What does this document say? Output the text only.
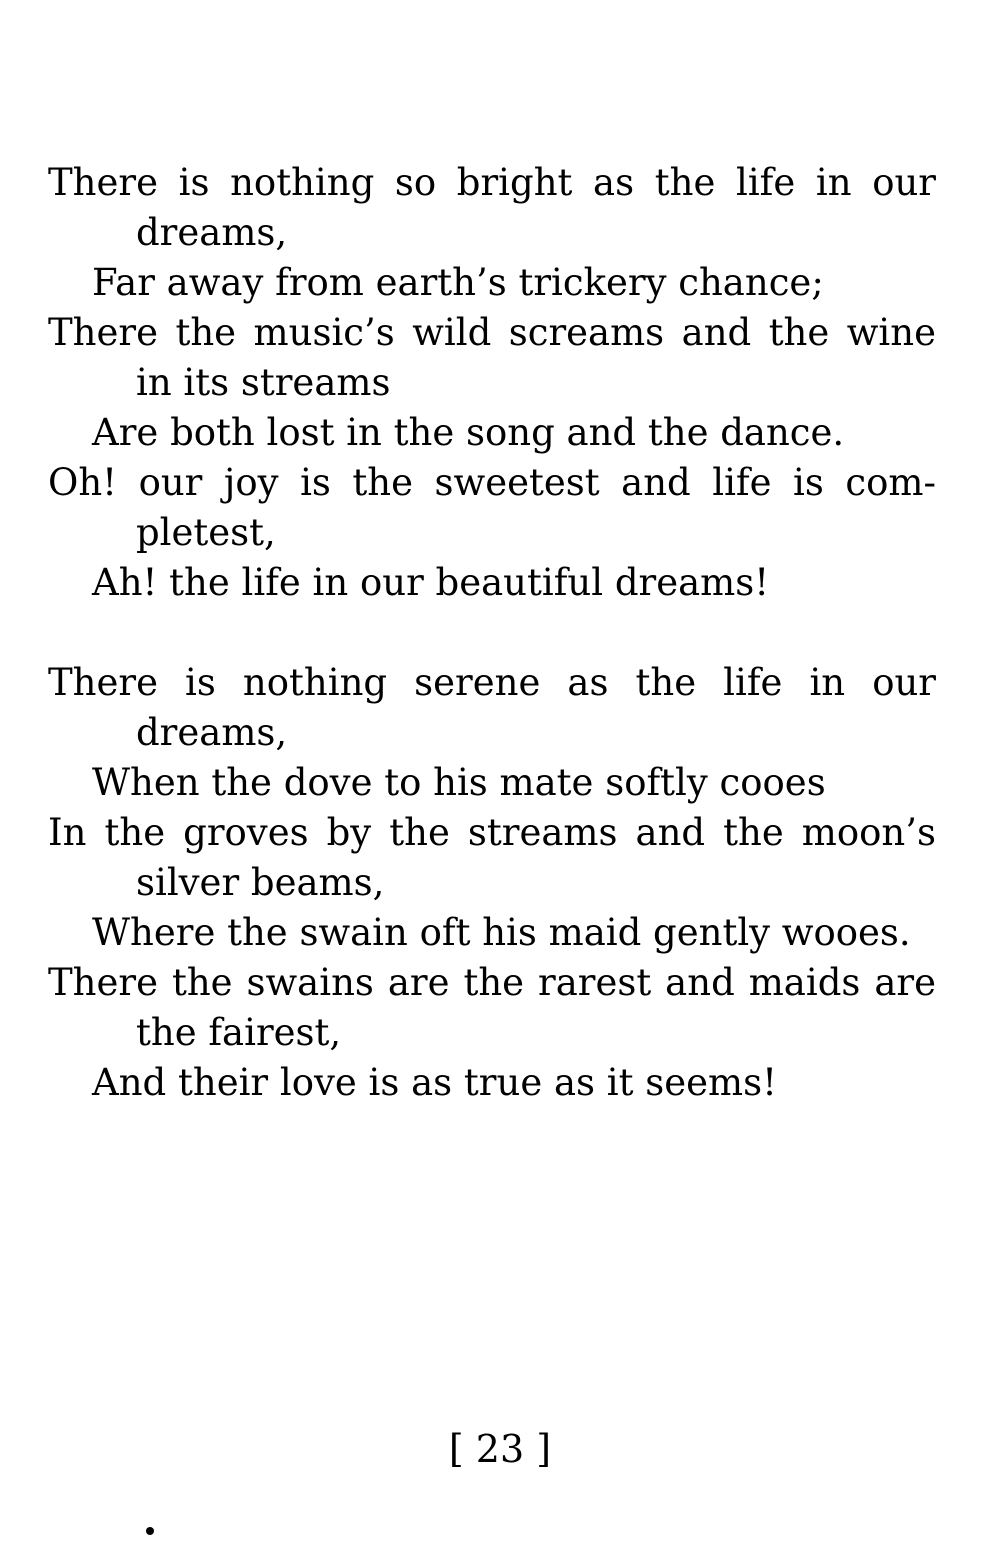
There is nothing so bright as the life in our
dreams,
Far away from earth’s trickery chance;
There the music’s wild screams and the wine
in its streams
Are both lost in the song and the dance.
Oh! our joy is the sweetest and life is com-
pletest,
Ah! the life in our beautiful dreams!
There is nothing serene as the life in our
dreams,
When the dove to his mate softly cooes
In the groves by the streams and the moon’s
silver beams,
Where the swain oft his maid gently wooes.
There the swains are the rarest and maids are
the fairest,
And their love is as true as it seems!
[ 23 ]
